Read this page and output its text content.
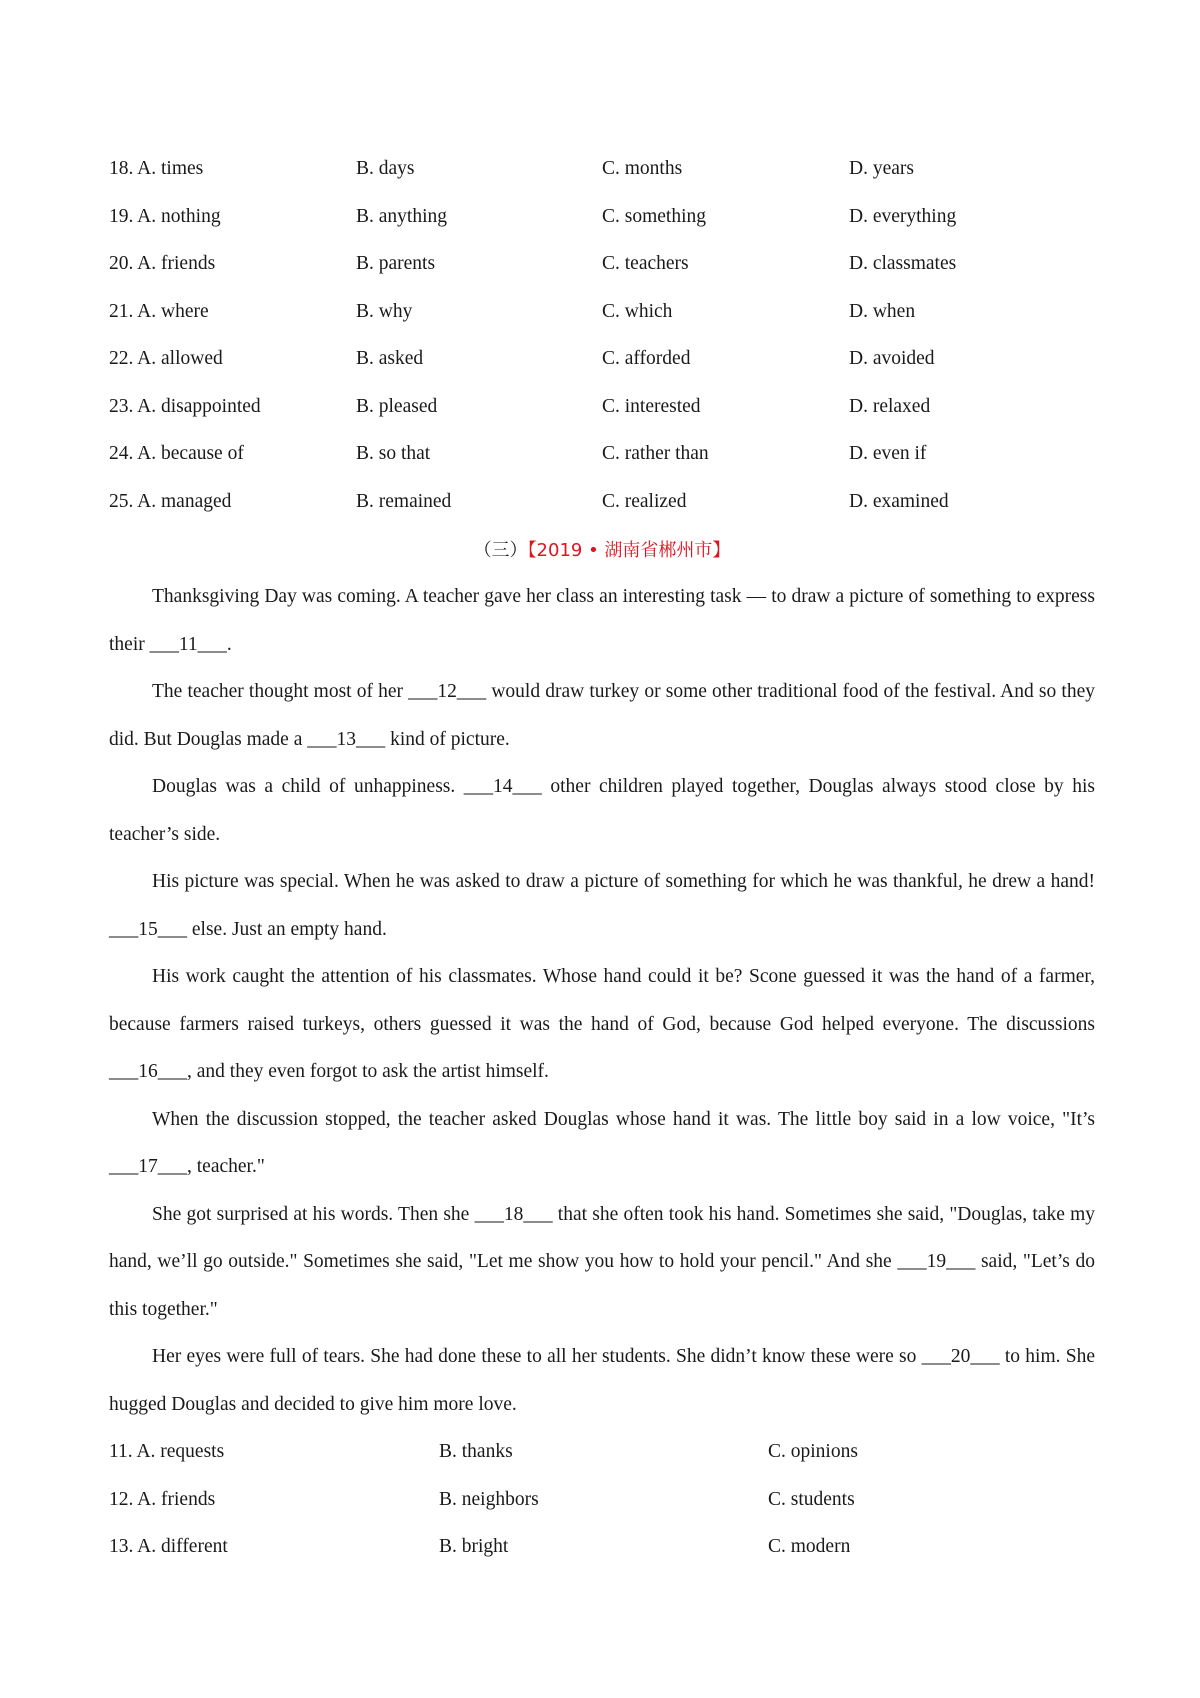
18. A. times	B. days	C. months	D. years
19. A. nothing	B. anything	C. something	D. everything
20. A. friends	B. parents	C. teachers	D. classmates
21. A. where	B. why	C. which	D. when
22. A. allowed	B. asked	C. afforded	D. avoided
23. A. disappointed	B. pleased	C. interested	D. relaxed
24. A. because of	B. so that	C. rather than	D. even if
25. A. managed	B. remained	C. realized	D. examined
（三）【2019 • 湖南省郴州市】

Thanksgiving Day was coming. A teacher gave her class an interesting task — to draw a picture of something to express their ___11___.

The teacher thought most of her ___12___ would draw turkey or some other traditional food of the festival. And so they did. But Douglas made a ___13___ kind of picture.

Douglas was a child of unhappiness. ___14___ other children played together, Douglas always stood close by his teacher’s side.

His picture was special. When he was asked to draw a picture of something for which he was thankful, he drew a hand! ___15___ else. Just an empty hand.

His work caught the attention of his classmates. Whose hand could it be? Scone guessed it was the hand of a farmer, because farmers raised turkeys, others guessed it was the hand of God, because God helped everyone. The discussions ___16___, and they even forgot to ask the artist himself.

When the discussion stopped, the teacher asked Douglas whose hand it was. The little boy said in a low voice, "It’s ___17___, teacher."

She got surprised at his words. Then she ___18___ that she often took his hand. Sometimes she said, "Douglas, take my hand, we’ll go outside." Sometimes she said, "Let me show you how to hold your pencil." And she ___19___ said, "Let’s do this together."

Her eyes were full of tears. She had done these to all her students. She didn’t know these were so ___20___ to him. She hugged Douglas and decided to give him more love.

11. A. requests	B. thanks	C. opinions
12. A. friends	B. neighbors	C. students
13. A. different	B. bright	C. modern
